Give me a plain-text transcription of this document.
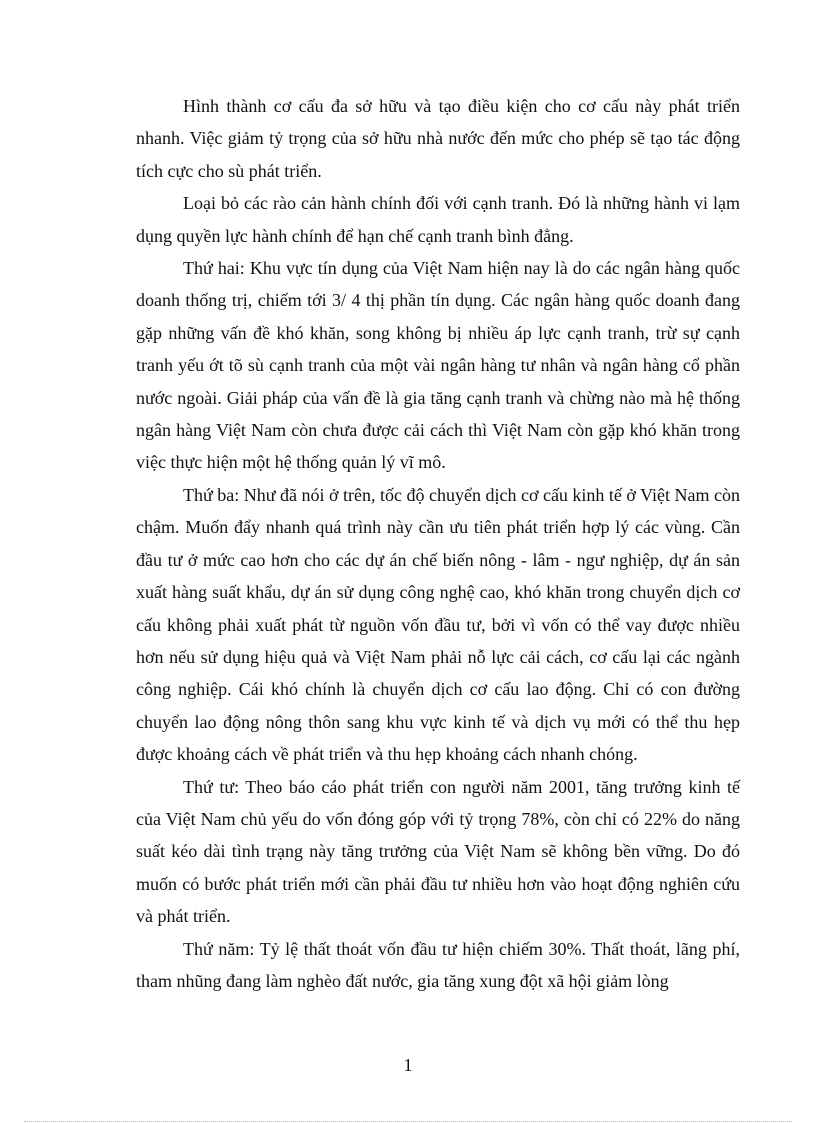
Hình thành cơ cấu đa sở hữu và tạo điều kiện cho cơ cấu này phát triển nhanh. Việc giảm tỷ trọng của sở hữu nhà nước đến mức cho phép sẽ tạo tác động tích cực cho sù phát triển.

Loại bỏ các rào cản hành chính đối với cạnh tranh. Đó là những hành vi lạm dụng quyền lực hành chính để hạn chế cạnh tranh bình đẳng.

Thứ hai: Khu vực tín dụng của Việt Nam hiện nay là do các ngân hàng quốc doanh thống trị, chiếm tới 3/ 4 thị phần tín dụng. Các ngân hàng quốc doanh đang gặp những vấn đề khó khăn, song không bị nhiều áp lực cạnh tranh, trừ sự cạnh tranh yếu ớt tõ sù cạnh tranh của một vài ngân hàng tư nhân và ngân hàng cổ phần nước ngoài. Giải pháp của vấn đề là gia tăng cạnh tranh và chừng nào mà hệ thống ngân hàng Việt Nam còn chưa được cải cách thì Việt Nam còn gặp khó khăn trong việc thực hiện một hệ thống quản lý vĩ mô.

Thứ ba: Như đã nói ở trên, tốc độ chuyển dịch cơ cấu kinh tế ở Việt Nam còn chậm. Muốn đẩy nhanh quá trình này cần ưu tiên phát triển hợp lý các vùng. Cần đầu tư ở mức cao hơn cho các dự án chế biến nông - lâm - ngư nghiệp, dự án sản xuất hàng suất khẩu, dự án sử dụng công nghệ cao, khó khăn trong chuyển dịch cơ cấu không phải xuất phát từ nguồn vốn đầu tư, bởi vì vốn có thể vay được nhiều hơn nếu sử dụng hiệu quả và Việt Nam phải nỗ lực cải cách, cơ cấu lại các ngành công nghiệp. Cái khó chính là chuyển dịch cơ cấu lao động. Chỉ có con đường chuyển lao động nông thôn sang khu vực kinh tế và dịch vụ mới có thể thu hẹp được khoảng cách về phát triển và thu hẹp khoảng cách nhanh chóng.

Thứ tư: Theo báo cáo phát triển con người năm 2001, tăng trưởng kinh tế của Việt Nam chủ yếu do vốn đóng góp với tỷ trọng 78%, còn chỉ có 22% do năng suất kéo dài tình trạng này tăng trưởng của Việt Nam sẽ không bền vững. Do đó muốn có bước phát triển mới cần phải đầu tư nhiều hơn vào hoạt động nghiên cứu và phát triển.

Thứ năm: Tỷ lệ thất thoát vốn đầu tư hiện chiếm 30%. Thất thoát, lãng phí, tham nhũng đang làm nghèo đất nước, gia tăng xung đột xã hội giảm lòng

1
